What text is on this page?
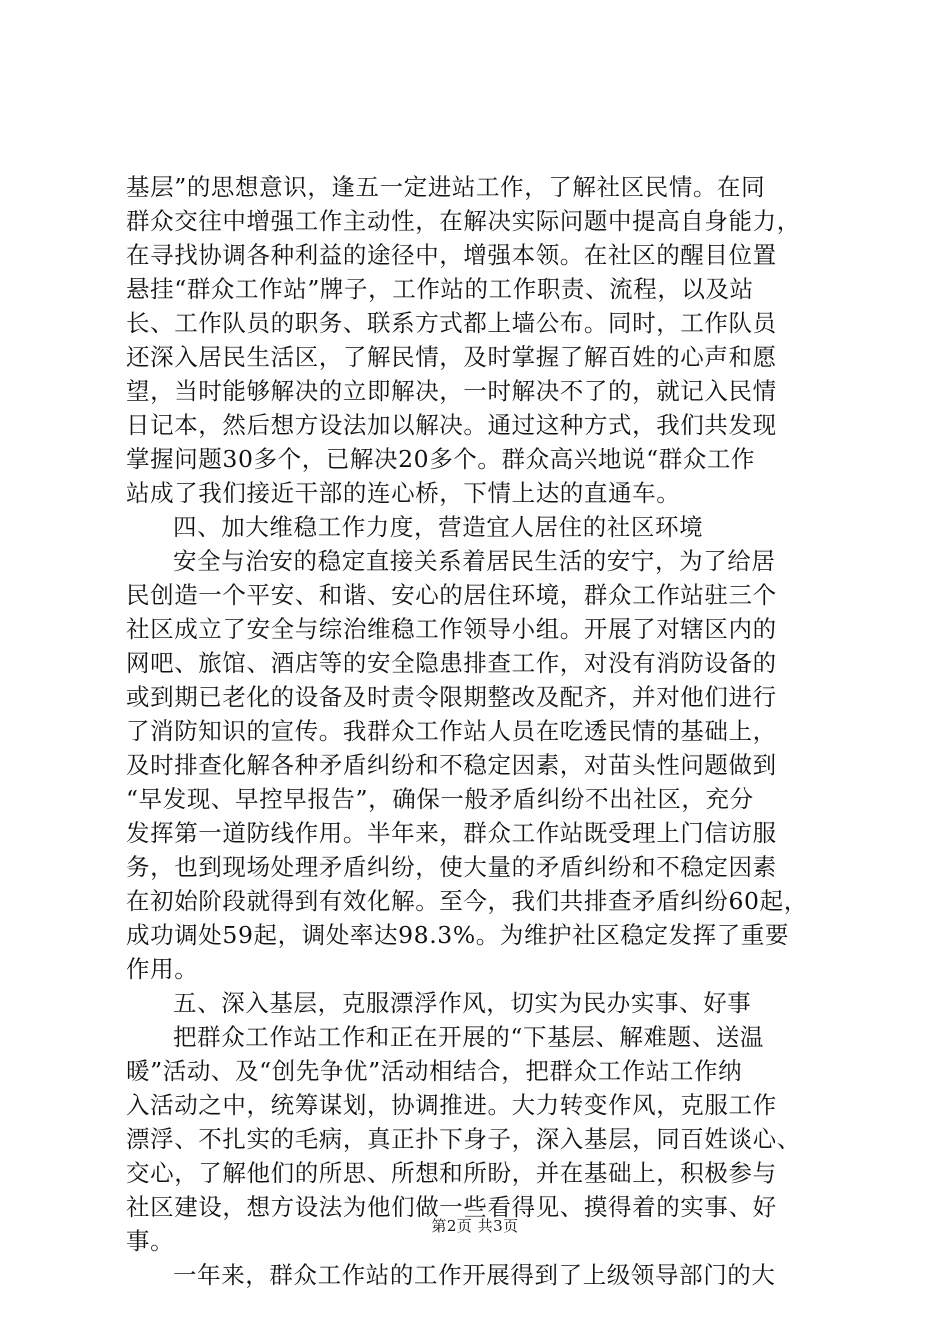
基层”的思想意识，逢五一定进站工作，了解社区民情。在同
群众交往中增强工作主动性，在解决实际问题中提高自身能力，
在寻找协调各种利益的途径中，增强本领。在社区的醒目位置
悬挂“群众工作站”牌子，工作站的工作职责、流程，以及站
长、工作队员的职务、联系方式都上墙公布。同时，工作队员
还深入居民生活区，了解民情，及时掌握了解百姓的心声和愿
望，当时能够解决的立即解决，一时解决不了的，就记入民情
日记本，然后想方设法加以解决。通过这种方式，我们共发现
掌握问题30多个，已解决20多个。群众高兴地说“群众工作
站成了我们接近干部的连心桥，下情上达的直通车。
四、加大维稳工作力度，营造宜人居住的社区环境
安全与治安的稳定直接关系着居民生活的安宁，为了给居
民创造一个平安、和谐、安心的居住环境，群众工作站驻三个
社区成立了安全与综治维稳工作领导小组。开展了对辖区内的
网吧、旅馆、酒店等的安全隐患排查工作，对没有消防设备的
或到期已老化的设备及时责令限期整改及配齐，并对他们进行
了消防知识的宣传。我群众工作站人员在吃透民情的基础上，
及时排查化解各种矛盾纠纷和不稳定因素，对苗头性问题做到
“早发现、早控早报告”，确保一般矛盾纠纷不出社区，充分
发挥第一道防线作用。半年来，群众工作站既受理上门信访服
务，也到现场处理矛盾纠纷，使大量的矛盾纠纷和不稳定因素
在初始阶段就得到有效化解。至今，我们共排查矛盾纠纷60起，
成功调处59起，调处率达98.3%。为维护社区稳定发挥了重要
作用。
五、深入基层，克服漂浮作风，切实为民办实事、好事
把群众工作站工作和正在开展的“下基层、解难题、送温
暖”活动、及“创先争优”活动相结合，把群众工作站工作纳
入活动之中，统筹谋划，协调推进。大力转变作风，克服工作
漂浮、不扎实的毛病，真正扑下身子，深入基层，同百姓谈心、
交心，了解他们的所思、所想和所盼，并在基础上，积极参与
社区建设，想方设法为他们做一些看得见、摸得着的实事、好
事。
一年来，群众工作站的工作开展得到了上级领导部门的大
第2页 共3页
